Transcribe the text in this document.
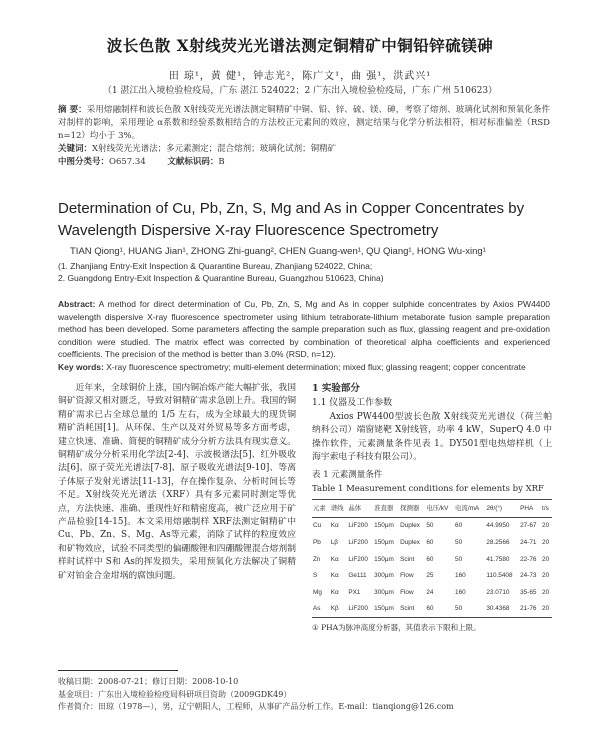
波长色散 X射线荧光光谱法测定铜精矿中铜铅锌硫镁砷
田 琼¹，黄 健¹，钟志光²，陈广文¹，曲 强¹，洪武兴¹
（1 湛江出入境检验检疫局，广东 湛江 524022；2 广东出入境检验检疫局，广东 广州 510623）
摘 要：采用熔融制样和波长色散 X射线荧光光谱法测定铜精矿中铜、铅、锌、硫、镁、砷，考察了熔剂、玻璃化试剂和预氧化条件对制样的影响，采用理论 α系数和经验系数相结合的方法校正元素间的效应，测定结果与化学分析法相符，相对标准偏差（RSD n=12）均小于 3%。
关键词：X射线荧光光谱法；多元素测定；混合熔剂；玻璃化试剂；铜精矿
中图分类号：O657.34	文献标识码：B
Determination of Cu, Pb, Zn, S, Mg and As in Copper Concentrates by Wavelength Dispersive X-ray Fluorescence Spectrometry
TIAN Qiong¹, HUANG Jian¹, ZHONG Zhi-guang², CHEN Guang-wen¹, QU Qiang¹, HONG Wu-xing¹
(1. Zhanjiang Entry-Exit Inspection & Quarantine Bureau, Zhanjiang 524022, China;
2. Guangdong Entry-Exit Inspection & Quarantine Bureau, Guangzhou 510623, China)
Abstract: A method for direct determination of Cu, Pb, Zn, S, Mg and As in copper sulphide concentrates by Axios PW4400 wavelength dispersive X-ray fluorescence spectrometer using lithium tetraborate-lithium metaborate fusion sample preparation method has been developed. Some parameters affecting the sample preparation such as flux, glassing reagent and pre-oxidation condition were studied. The matrix effect was corrected by combination of theoretical alpha coefficients and experienced coefficients. The precision of the method is better than 3.0% (RSD, n=12).
Key words: X-ray fluorescence spectrometry; multi-element determination; mixed flux; glassing reagent; copper concentrate

近年来，全球铜价上涨，国内铜冶炼产能大幅扩张，我国铜矿资源又相对匮乏，导致对铜精矿需求急剧上升。我国的铜精矿需求已占全球总量的 1/5 左右，成为全球最大的现货铜精矿消耗国[1]。从环保、生产以及对外贸易等多方面考虑，建立快速、准确、简便的铜精矿成分分析方法具有现实意义。铜精矿成分分析采用化学法[2-4]、示波极谱法[5]、红外吸收法[6]、原子荧光光谱法[7-8]、原子吸收光谱法[9-10]、等离子体原子发射光谱法[11-13]，存在操作复杂、分析时间长等不足。X射线荧光光谱法（XRF）具有多元素同时测定等优点，方法快速、准确、重现性好和精密度高，被广泛应用于矿产品检验[14-15]。本文采用熔融制样 XRF法测定铜精矿中 Cu、Pb、Zn、S、Mg、As等元素，消除了试样的粒度效应和矿物效应，试验不同类型的偏硼酸锂和四硼酸锂混合熔剂制样时试样中 S和 As的挥发损失，采用预氧化方法解决了铜精矿对铂金合金坩埚的腐蚀问题。

1 实验部分

1.1 仪器及工作参数

Axios PW4400型波长色散 X射线荧光光谱仪（荷兰帕纳科公司）端窗铑靶 X射线管，功率 4 kW，SuperQ 4.0 中操作软件，元素测量条件见表 1。DY501型电热熔样机（上海宇索电子科技有限公司）。

表 1 元素测量条件

Table 1 Measurement conditions for elements by XRF

元素	谱线	晶体	准直器	探测器	电压/kV	电流/mA	2θ/(°)	PHA	t/s
Cu	Kα	LiF200	150μm	Duplex	50	60	44.9950	27-67	20
Pb	Lβ	LiF200	150μm	Duplex	60	50	28.2566	24-71	20
Zn	Kα	LiF200	150μm	Scint	60	50	41.7580	22-76	20
S	Kα	Ge111	300μm	Flow	25	160	110.5408	24-73	20
Mg	Kα	PX1	300μm	Flow	24	160	23.0710	35-65	20
As	Kβ	LiF200	150μm	Scint	60	50	30.4368	21-76	20

① PHA为脉冲高度分析器，其值表示下限和上限。

收稿日期：2008-07-21；修订日期：2008-10-10
基金项目：广东出入境检验检疫局科研项目资助（2009GDK49）
作者简介：田琼（1978—），男，辽宁朝阳人，工程师，从事矿产品分析工作。E-mail：tianqiong@126.com
